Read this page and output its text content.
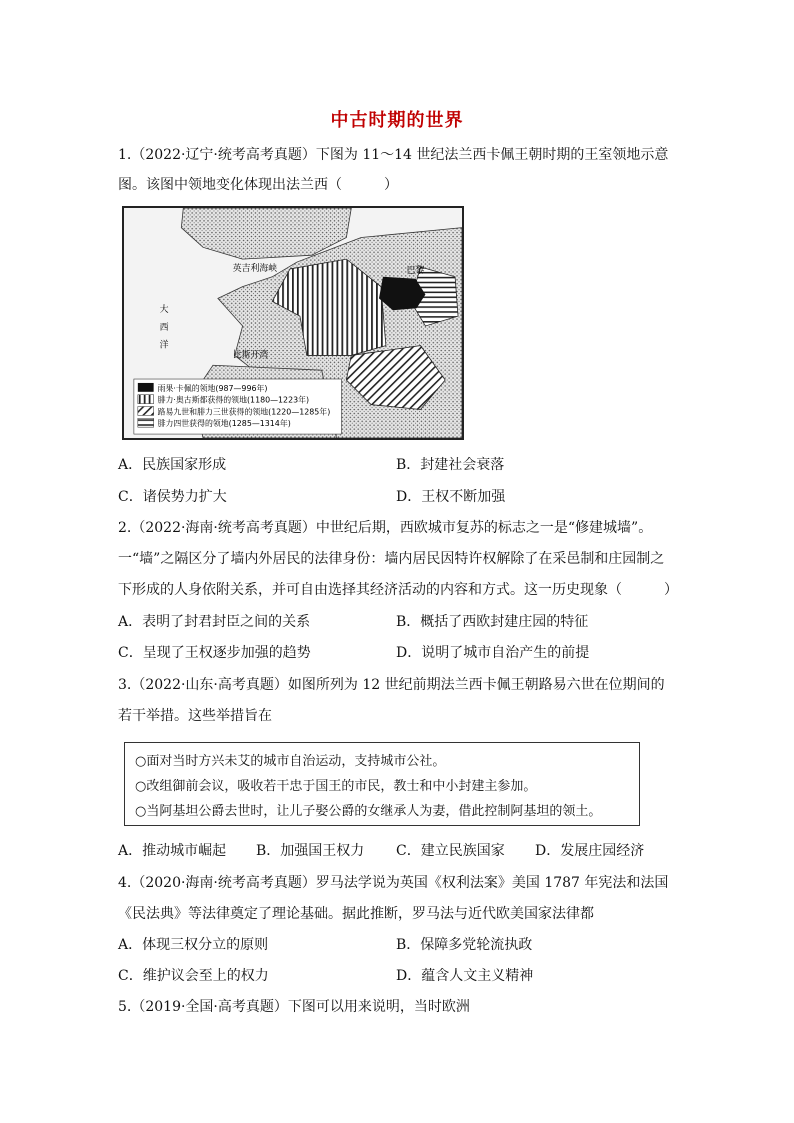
中古时期的世界
1.（2022·辽宁·统考高考真题）下图为 11～14 世纪法兰西卡佩王朝时期的王室领地示意
图。该图中领地变化体现出法兰西（　　　）
英吉利海峡
大
西
洋
比斯开湾
巴黎
雨果·卡佩的领地(987—996年)
腓力·奥古斯都获得的领地(1180—1223年)
路易九世和腓力三世获得的领地(1220—1285年)
腓力四世获得的领地(1285—1314年)
A．民族国家形成	B．封建社会衰落
C．诸侯势力扩大	D．王权不断加强
2.（2022·海南·统考高考真题）中世纪后期，西欧城市复苏的标志之一是“修建城墙”。
一“墙”之隔区分了墙内外居民的法律身份：墙内居民因特许权解除了在采邑制和庄园制之
下形成的人身依附关系，并可自由选择其经济活动的内容和方式。这一历史现象（　　　）
A．表明了封君封臣之间的关系	B．概括了西欧封建庄园的特征
C．呈现了王权逐步加强的趋势	D．说明了城市自治产生的前提
3.（2022·山东·高考真题）如图所列为 12 世纪前期法兰西卡佩王朝路易六世在位期间的
若干举措。这些举措旨在
○面对当时方兴未艾的城市自治运动，支持城市公社。
○改组御前会议，吸收若干忠于国王的市民，教士和中小封建主参加。
○当阿基坦公爵去世时，让儿子娶公爵的女继承人为妻，借此控制阿基坦的领土。
A．推动城市崛起 B．加强国王权力 C．建立民族国家 D．发展庄园经济
4.（2020·海南·统考高考真题）罗马法学说为英国《权利法案》美国 1787 年宪法和法国
《民法典》等法律奠定了理论基础。据此推断，罗马法与近代欧美国家法律都
A．体现三权分立的原则	B．保障多党轮流执政
C．维护议会至上的权力	D．蕴含人文主义精神
5.（2019·全国·高考真题）下图可以用来说明，当时欧洲
